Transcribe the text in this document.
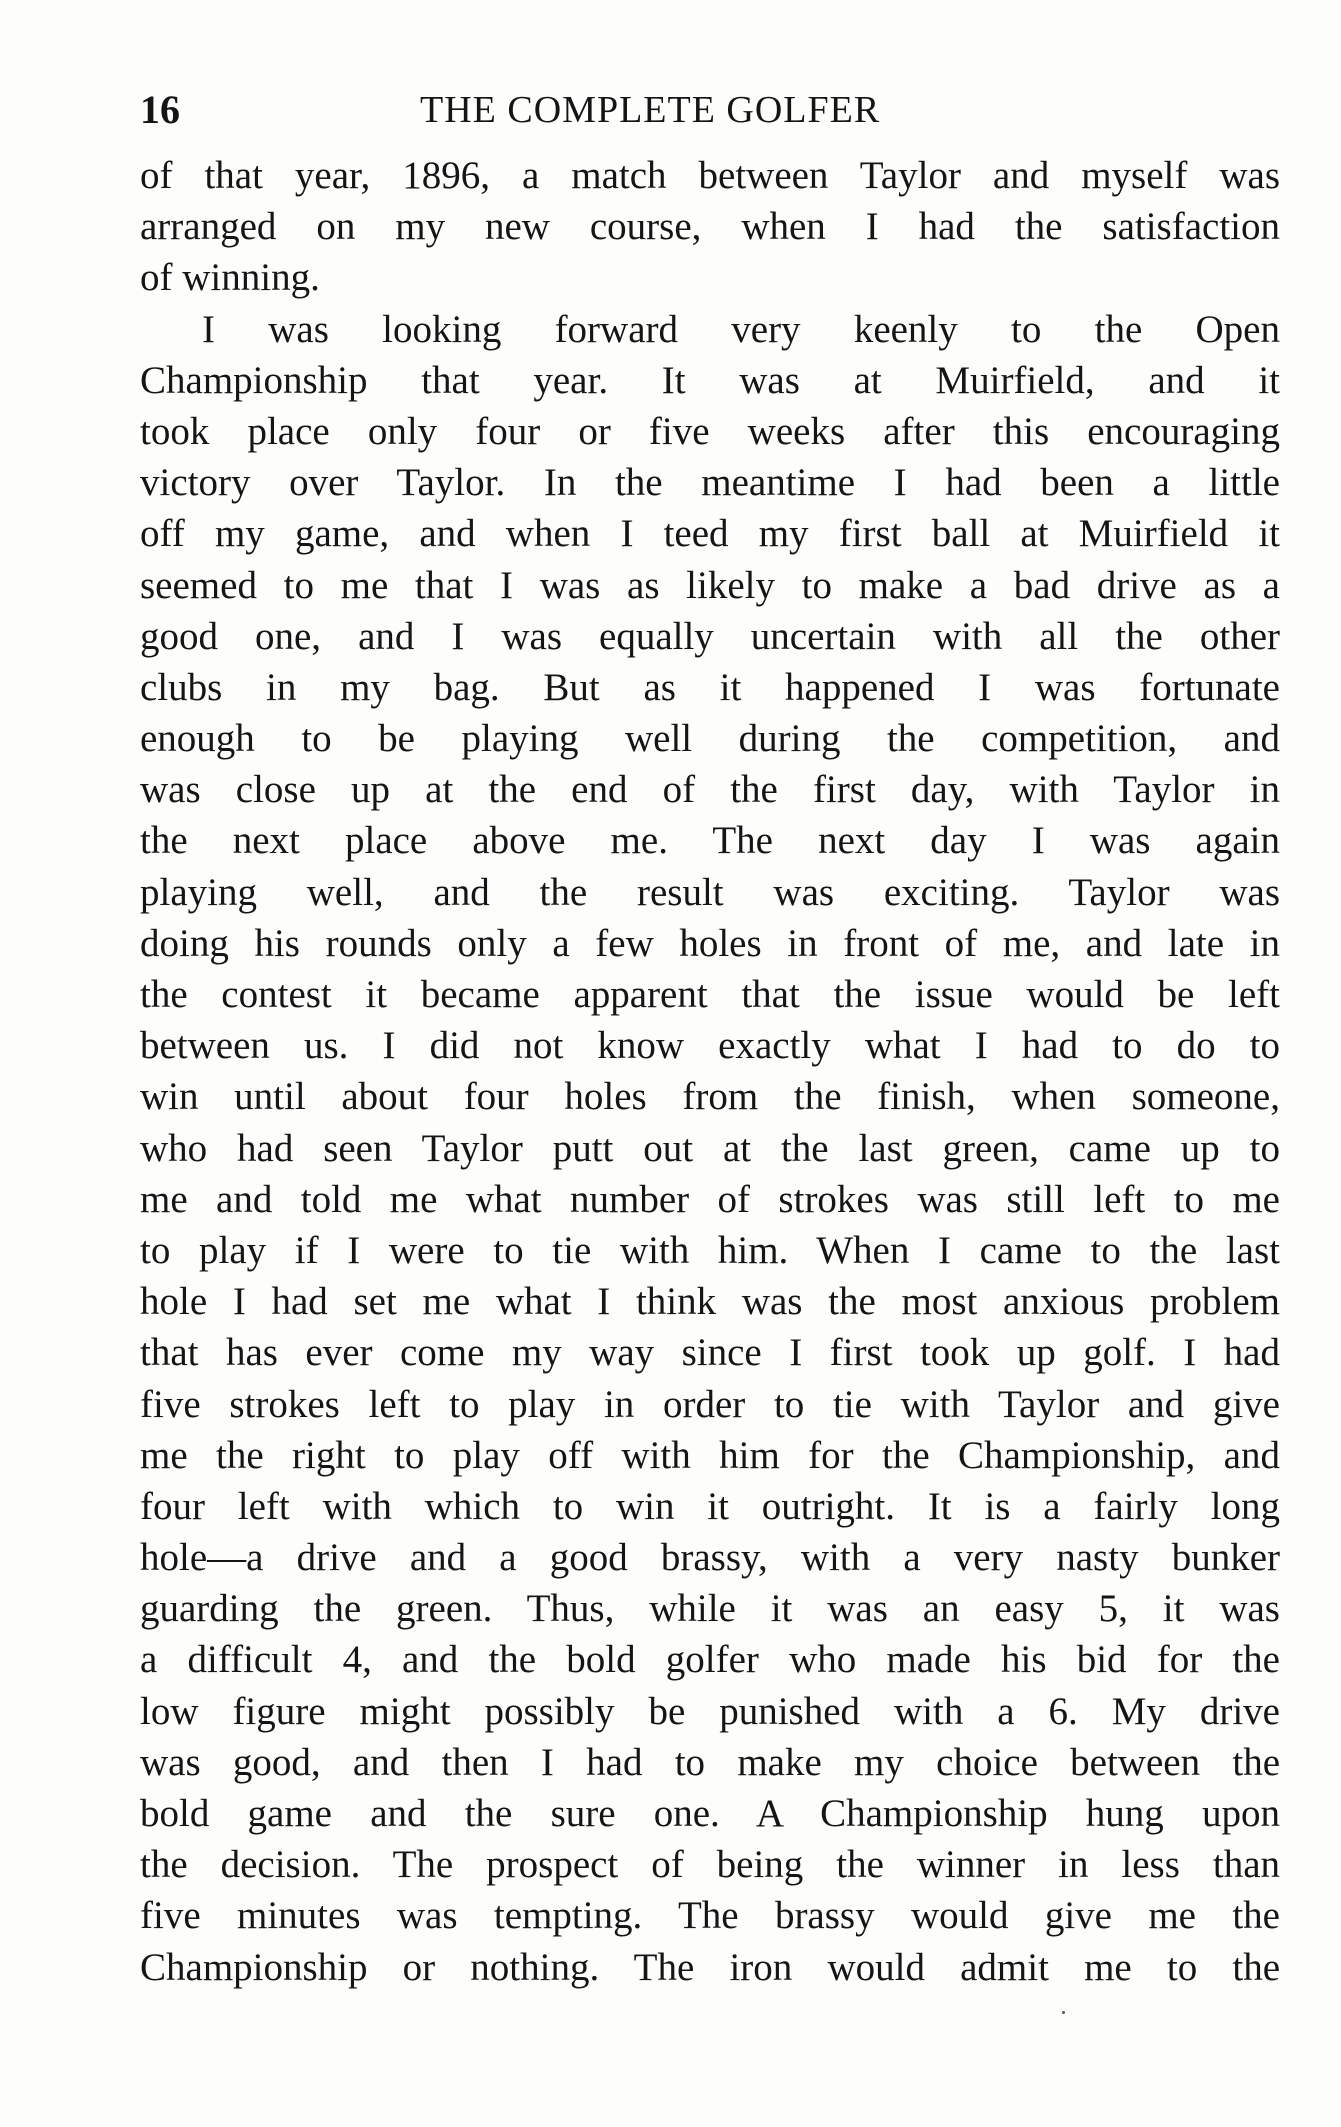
16	THE COMPLETE GOLFER
of that year, 1896, a match between Taylor and myself was
arranged on my new course, when I had the satisfaction
of winning.
I was looking forward very keenly to the Open
Championship that year. It was at Muirfield, and it
took place only four or five weeks after this encouraging
victory over Taylor. In the meantime I had been a little
off my game, and when I teed my first ball at Muirfield it
seemed to me that I was as likely to make a bad drive as a
good one, and I was equally uncertain with all the other
clubs in my bag. But as it happened I was fortunate
enough to be playing well during the competition, and
was close up at the end of the first day, with Taylor in
the next place above me. The next day I was again
playing well, and the result was exciting. Taylor was
doing his rounds only a few holes in front of me, and late in
the contest it became apparent that the issue would be left
between us. I did not know exactly what I had to do to
win until about four holes from the finish, when someone,
who had seen Taylor putt out at the last green, came up to
me and told me what number of strokes was still left to me
to play if I were to tie with him. When I came to the last
hole I had set me what I think was the most anxious problem
that has ever come my way since I first took up golf. I had
five strokes left to play in order to tie with Taylor and give
me the right to play off with him for the Championship, and
four left with which to win it outright. It is a fairly long
hole—a drive and a good brassy, with a very nasty bunker
guarding the green. Thus, while it was an easy 5, it was
a difficult 4, and the bold golfer who made his bid for the
low figure might possibly be punished with a 6. My drive
was good, and then I had to make my choice between the
bold game and the sure one. A Championship hung upon
the decision. The prospect of being the winner in less than
five minutes was tempting. The brassy would give me the
Championship or nothing. The iron would admit me to the
